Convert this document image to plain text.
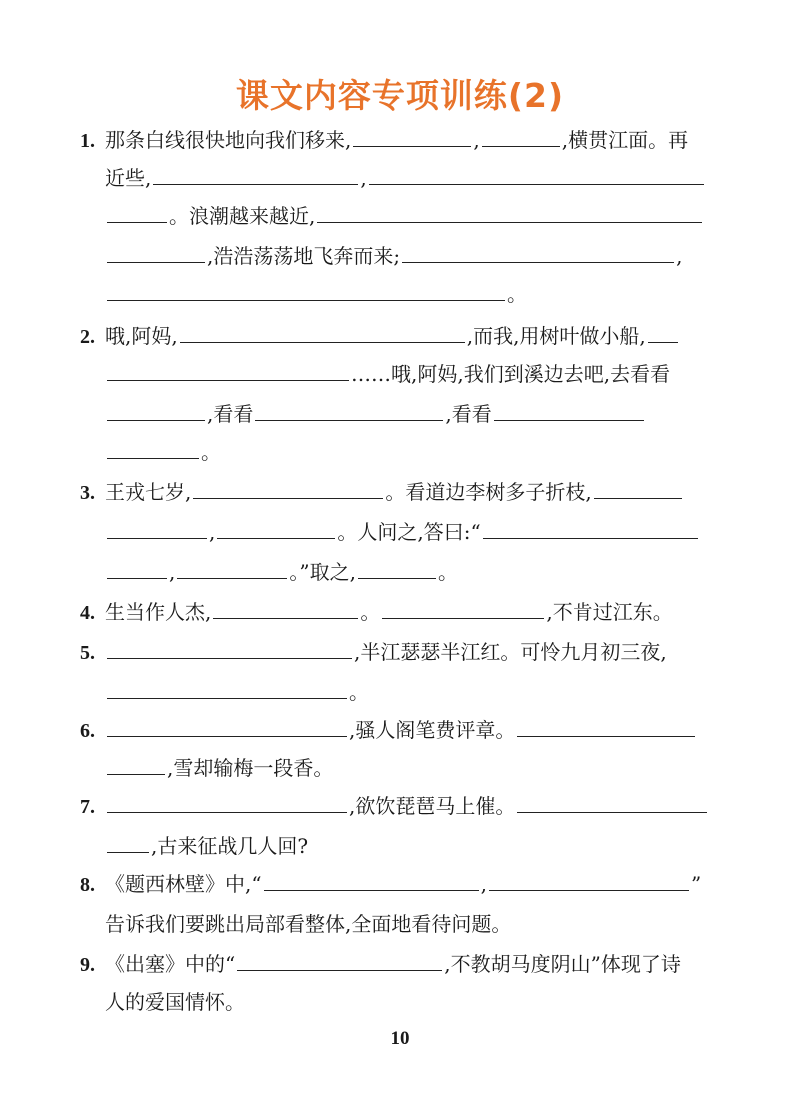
课文内容专项训练(2)
1. 那条白线很快地向我们移来,	,	,横贯江面。再
近些,	,
。浪潮越来越近,
,浩浩荡荡地飞奔而来;	,
。
2. 哦,阿妈,	,而我,用树叶做小船,
……哦,阿妈,我们到溪边去吧,去看看
,看看	,看看
。
3. 王戎七岁,	。看道边李树多子折枝,
,	。人问之,答曰:“
,	。”取之,	。
4. 生当作人杰,	。	,不肯过江东。
5.	,半江瑟瑟半江红。可怜九月初三夜,
。
6.	,骚人阁笔费评章。
,雪却输梅一段香。
7.	,欲饮琵琶马上催。
,古来征战几人回?
8. 《题西林壁》中,“	,	”
告诉我们要跳出局部看整体,全面地看待问题。
9. 《出塞》中的“	,不教胡马度阴山”体现了诗
人的爱国情怀。
10
